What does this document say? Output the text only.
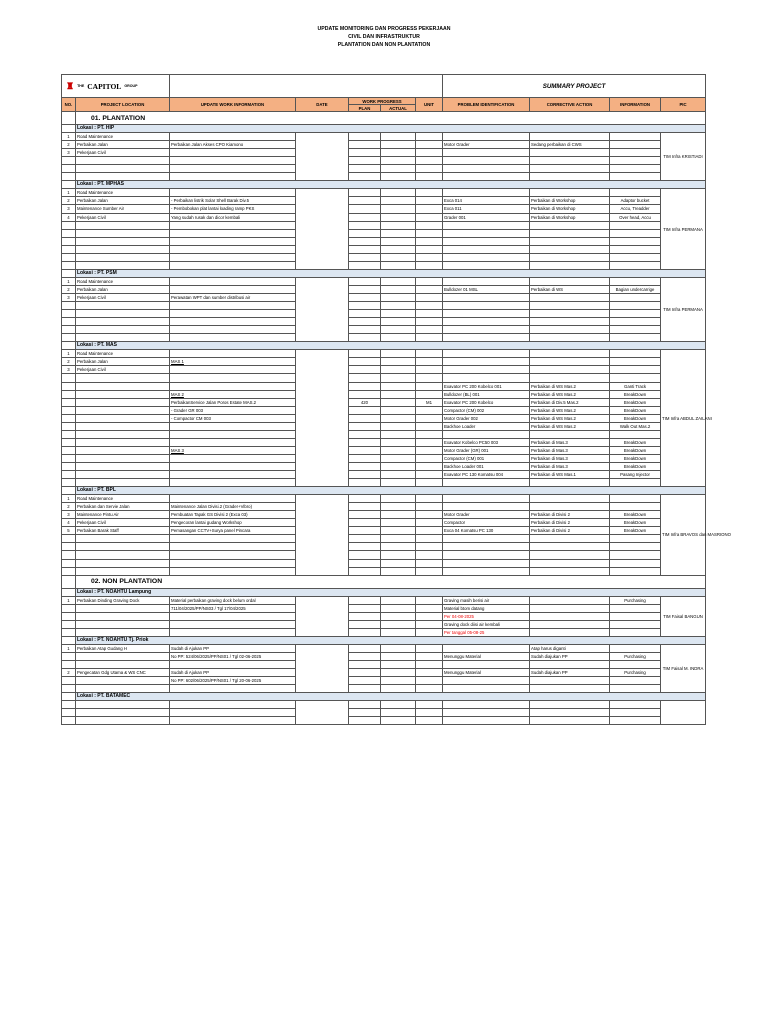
UPDATE MONITORING DAN PROGRESS PEKERJAAN
CIVIL DAN INFRASTRUKTUR
PLANTATION DAN NON PLANTATION
♜ THE CAPITOL GROUP							SUMMARY PROJECT			
NO.	PROJECT LOCATION	UPDATE WORK INFORMATION	DATE	WORK PROGRESS		UNIT	PROBLEM IDENTIFICATION	CORRECTIVE ACTION	INFORMATION	PIC
				PLAN	ACTUAL					
	01. PLANTATION									
	Lokasi : PT. HIP									
1	Road Maintenance									TIM Infra KRISTIADI
2	Perbaikan Jalan	Perbaikan Jalan Akses CPO Kiamono					Motor Grader	Sedang perbaikan di CWS		
3	Pekerjaan Civil									

	Lokasi : PT. MPHAS									
1	Road Maintenance									TIM Infra PERMANA
2	Perbaikan Jalan	- Perbaikan listrik Solar Shell Barak Div.5					Exca 014	Perbaikan di Workshop	Adaptor bucket	
3	Maintenance Sumber Air	- Pembobokan plat lantai loading ramp PKS					Exca 011	Perbaikan di Workshop	Accu, Treadder	
4	Pekerjaan Civil	Yang sudah rusak dan dicor kembali					Grader 001	Perbaikan di Workshop	Over head, Accu	

	Lokasi : PT. PSM									
1	Road Maintenance									TIM Infra PERMANA
2	Perbaikan Jalan						Bulldozer 01 MSL	Perbaikan di WS	Bagian undercarrige	
3	Pekerjaan Civil	Perawatan WPT dan sumber distribusi air								

	Lokasi : PT. MAS									
1	Road Maintenance									TIM Infra ABDUL ZAILANI
2	Perbaikan Jalan	MAS 1								
3	Pekerjaan Civil									

							Exavator PC 200 Kobelco 001	Perbaikan di WS Mas.2	Ganti Track	
		MAS 2					Bulldozer (BL) 001	Perbaikan di WS Mas.2	BreakDown	
		PerbaikanService Jalan Poros Estate MAS.2		420		M1	Exavator PC 200 Kobelco	Perbaikan di Div.5 Mas.2	BreakDown	
		- Grader GR 003					Compactor (CM) 002	Perbaikan di WS Mas.2	BreakDown	
		- Compactor CM 003					Motor Grader 002	Perbaikan di WS Mas.2	BreakDown	
							Backhoe Loader	Perbaikan di WS Mas.2	Walk Out Mas.2	

							Exavator Kobelco PC50 003	Perbaikan di Mas.3	BreakDown	
		MAS 3					Motor Grader (GR) 001	Perbaikan di Mas.3	BreakDown	
							Compactor (CM) 001	Perbaikan di Mas.3	BreakDown	
							Backhoe Loader 001	Perbaikan di Mas.3	BreakDown	
							Exavator PC 130 Komatsu 004	Perbaikan di WS Mas.1	Pasang Injector	

	Lokasi : PT. BPL									
1	Road Maintenance									TIM Infra BRAVOS dan MASRIONO
2	Perbaikan dan Servie Jalan	Maintenance Jalan Divisi.2 (Grader+Vibro)								
3	Maintenance Pintu Air	Pembuatan Tapak GS Divisi 2 (Exca 03)					Motor Grader	Perbaikan di Divisi 2	BreakDown	
4	Pekerjaan Civil	Pengecoran lantai gudang Workshop					Compactor	Perbaikan di Divisi 2	BreakDown	
5	Perbaikan Barak Staff	Pemasangan CCTV+Surya panel Pincara					Exca 04 Komatsu PC 130	Perbaikan di Divisi 2	BreakDown	

	02. NON PLANTATION									
	Lokasi : PT. NOAHTU Lampung									
1	Perbaikan Dinding Graving Dock	Material perbaikan graving dock belum ordal					Graving masih berisi air		Purchasing	TIM Faisal BANGUN
		711/04/2025/PP/NS03 / Tgl 17/04/2025					Material btom datang			
							Per 04-08-2025			
							Graving dock diisi air kembali			
							Per tanggal 05-08-25			
	Lokasi : PT. NOAHTU Tj. Priok									
1	Perbaikan Atap Gudang H	Sudah di Ajukan PP						Atap harus diganti		TIM Faisal M. INDRA
		No PP: 524/06/2025/PP/NS01 / Tgl 02-06-2025					Menunggu Material	Sudah diajukan PP	Purchasing	

2	Pengecatan Gdg Utama & WS CNC	Sudah di Ajukan PP					Menunggu Material	Sudah diajukan PP	Purchasing	
		No PP: 602/06/2025/PP/NS01 / Tgl 20-06-2025								

	Lokasi : PT. BATAMEC									
